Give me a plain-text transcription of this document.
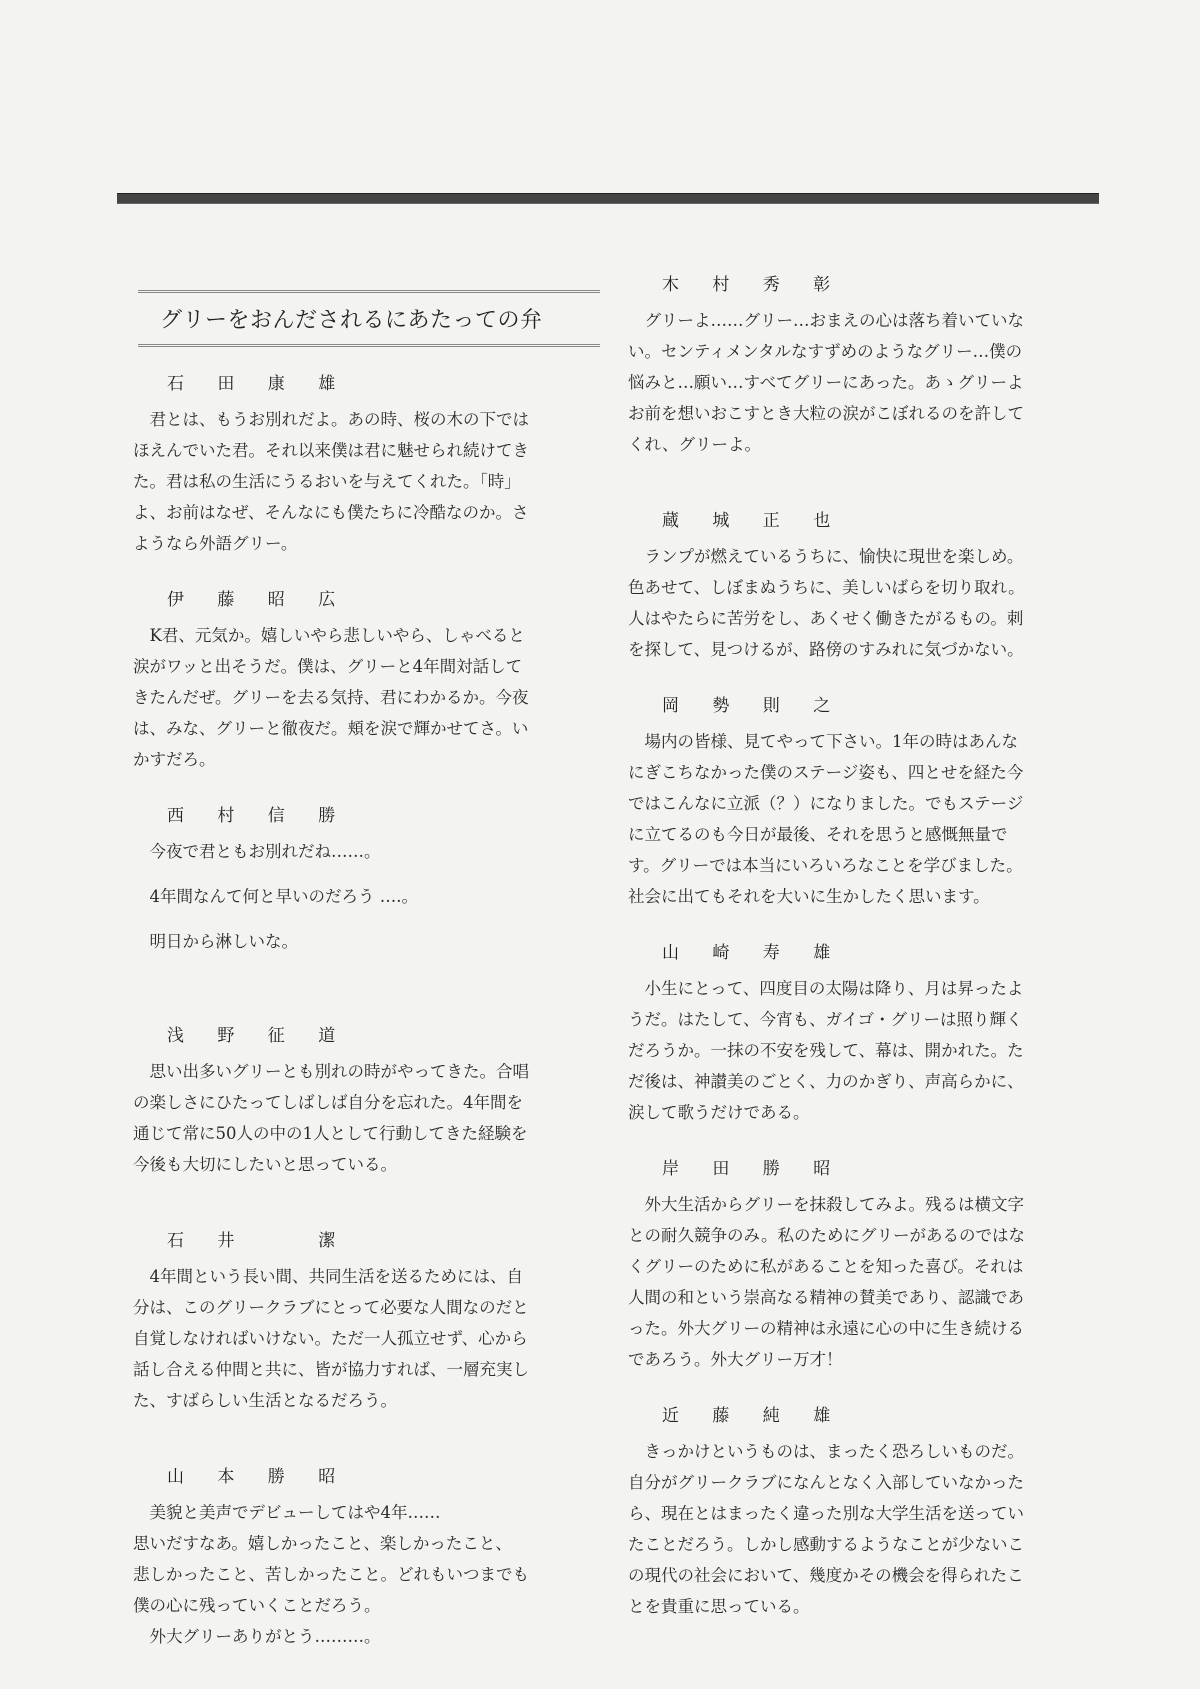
グリーをおんだされるにあたっての弁
石 田 康 雄

　君とは、もうお別れだよ。あの時、桜の木の下では

ほえんでいた君。それ以来僕は君に魅せられ続けてき

た。君は私の生活にうるおいを与えてくれた。「時」

よ、お前はなぜ、そんなにも僕たちに冷酷なのか。さ

ようなら外語グリー。

伊 藤 昭 広

　K君、元気か。嬉しいやら悲しいやら、しゃべると

涙がワッと出そうだ。僕は、グリーと4年間対話して

きたんだぜ。グリーを去る気持、君にわかるか。今夜

は、みな、グリーと徹夜だ。頬を涙で輝かせてさ。い

かすだろ。

西 村 信 勝

　今夜で君ともお別れだね……。

　4年間なんて何と早いのだろう ….。

　明日から淋しいな。

浅 野 征 道

　思い出多いグリーとも別れの時がやってきた。合唱

の楽しさにひたってしばしば自分を忘れた。4年間を

通じて常に50人の中の1人として行動してきた経験を

今後も大切にしたいと思っている。

石 井 　 潔

　4年間という長い間、共同生活を送るためには、自

分は、このグリークラブにとって必要な人間なのだと

自覚しなければいけない。ただ一人孤立せず、心から

話し合える仲間と共に、皆が協力すれば、一層充実し

た、すばらしい生活となるだろう。

山 本 勝 昭

　美貌と美声でデビューしてはや4年……

思いだすなあ。嬉しかったこと、楽しかったこと、

悲しかったこと、苦しかったこと。どれもいつまでも

僕の心に残っていくことだろう。

　外大グリーありがとう………。

木 村 秀 彰

　グリーよ……グリー…おまえの心は落ち着いていな

い。センティメンタルなすずめのようなグリー…僕の

悩みと…願い…すべてグリーにあった。あゝグリーよ

お前を想いおこすとき大粒の涙がこぼれるのを許して

くれ、グリーよ。

蔵 城 正 也

　ランプが燃えているうちに、愉快に現世を楽しめ。

色あせて、しぼまぬうちに、美しいばらを切り取れ。

人はやたらに苦労をし、あくせく働きたがるもの。刺

を探して、見つけるが、路傍のすみれに気づかない。

岡 勢 則 之

　場内の皆様、見てやって下さい。1年の時はあんな

にぎこちなかった僕のステージ姿も、四とせを経た今

ではこんなに立派（？）になりました。でもステージ

に立てるのも今日が最後、それを思うと感慨無量で

す。グリーでは本当にいろいろなことを学びました。

社会に出てもそれを大いに生かしたく思います。

山 崎 寿 雄

　小生にとって、四度目の太陽は降り、月は昇ったよ

うだ。はたして、今宵も、ガイゴ・グリーは照り輝く

だろうか。一抹の不安を残して、幕は、開かれた。た

だ後は、神讃美のごとく、力のかぎり、声高らかに、

涙して歌うだけである。

岸 田 勝 昭

　外大生活からグリーを抹殺してみよ。残るは横文字

との耐久競争のみ。私のためにグリーがあるのではな

くグリーのために私があることを知った喜び。それは

人間の和という崇高なる精神の賛美であり、認識であ

った。外大グリーの精神は永遠に心の中に生き続ける

であろう。外大グリー万才！

近 藤 純 雄

　きっかけというものは、まったく恐ろしいものだ。

自分がグリークラブになんとなく入部していなかった

ら、現在とはまったく違った別な大学生活を送ってい

たことだろう。しかし感動するようなことが少ないこ

の現代の社会において、幾度かその機会を得られたこ

とを貴重に思っている。
